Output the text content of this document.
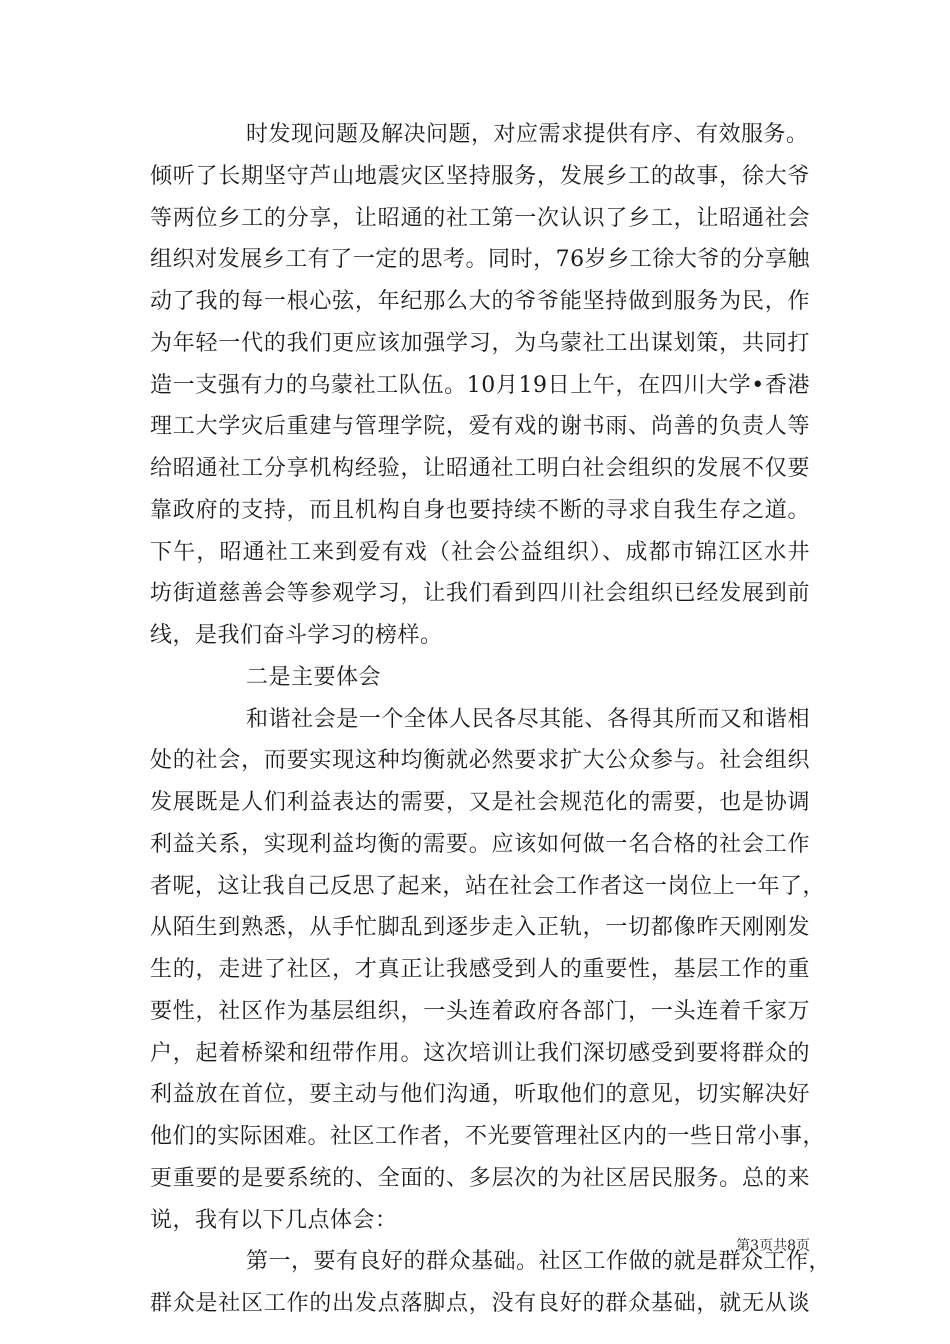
时发现问题及解决问题，对应需求提供有序、有效服务。
倾听了长期坚守芦山地震灾区坚持服务，发展乡工的故事，徐大爷
等两位乡工的分享，让昭通的社工第一次认识了乡工，让昭通社会
组织对发展乡工有了一定的思考。同时，76岁乡工徐大爷的分享触
动了我的每一根心弦，年纪那么大的爷爷能坚持做到服务为民，作
为年轻一代的我们更应该加强学习，为乌蒙社工出谋划策，共同打
造一支强有力的乌蒙社工队伍。10月19日上午，在四川大学•香港
理工大学灾后重建与管理学院，爱有戏的谢书雨、尚善的负责人等
给昭通社工分享机构经验，让昭通社工明白社会组织的发展不仅要
靠政府的支持，而且机构自身也要持续不断的寻求自我生存之道。
下午，昭通社工来到爱有戏（社会公益组织）、成都市锦江区水井
坊街道慈善会等参观学习，让我们看到四川社会组织已经发展到前
线，是我们奋斗学习的榜样。
二是主要体会
和谐社会是一个全体人民各尽其能、各得其所而又和谐相
处的社会，而要实现这种均衡就必然要求扩大公众参与。社会组织
发展既是人们利益表达的需要，又是社会规范化的需要，也是协调
利益关系，实现利益均衡的需要。应该如何做一名合格的社会工作
者呢，这让我自己反思了起来，站在社会工作者这一岗位上一年了，
从陌生到熟悉，从手忙脚乱到逐步走入正轨，一切都像昨天刚刚发
生的，走进了社区，才真正让我感受到人的重要性，基层工作的重
要性，社区作为基层组织，一头连着政府各部门，一头连着千家万
户，起着桥梁和纽带作用。这次培训让我们深切感受到要将群众的
利益放在首位，要主动与他们沟通，听取他们的意见，切实解决好
他们的实际困难。社区工作者，不光要管理社区内的一些日常小事，
更重要的是要系统的、全面的、多层次的为社区居民服务。总的来
说，我有以下几点体会：
第一，要有良好的群众基础。社区工作做的就是群众工作，
群众是社区工作的出发点落脚点，没有良好的群众基础，就无从谈
第3页共8页
